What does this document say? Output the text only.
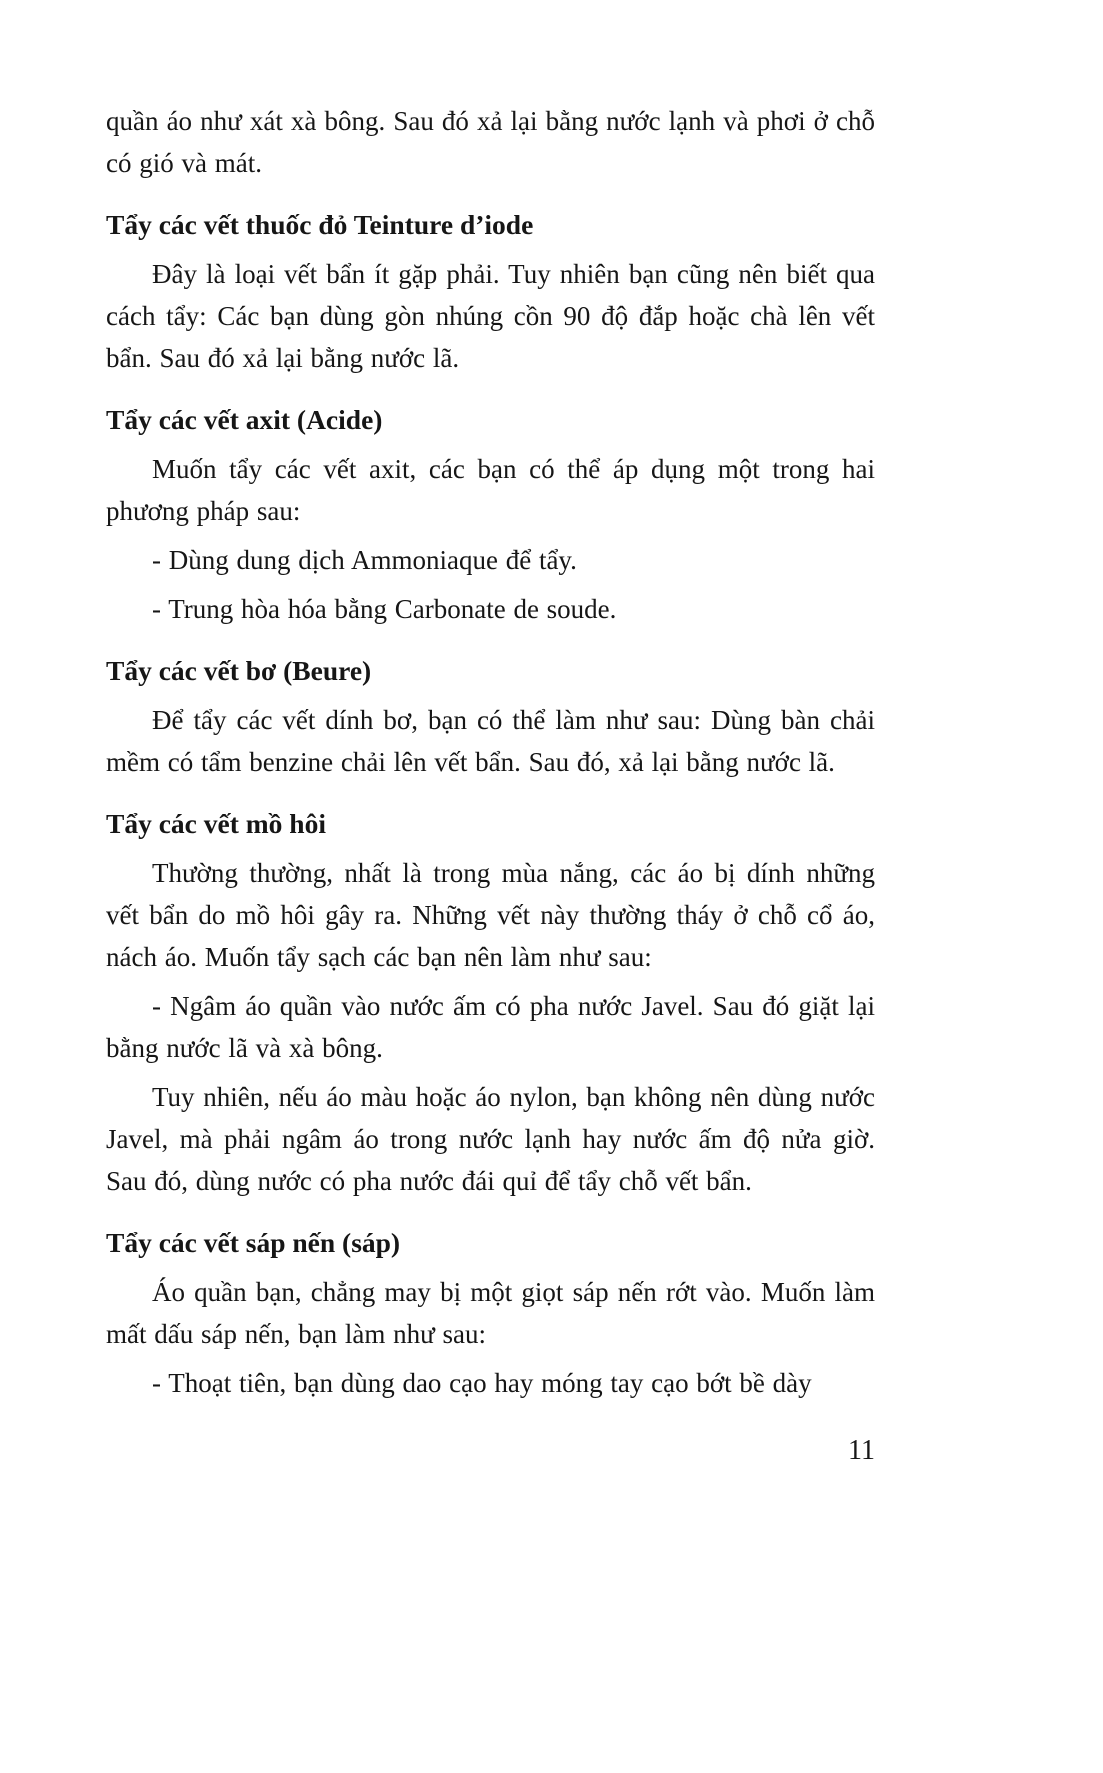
quần áo như xát xà bông. Sau đó xả lại bằng nước lạnh và phơi ở chỗ có gió và mát.

Tẩy các vết thuốc đỏ Teinture d’iode

Đây là loại vết bẩn ít gặp phải. Tuy nhiên bạn cũng nên biết qua cách tẩy: Các bạn dùng gòn nhúng cồn 90 độ đắp hoặc chà lên vết bẩn. Sau đó xả lại bằng nước lã.

Tẩy các vết axit (Acide)

Muốn tẩy các vết axit, các bạn có thể áp dụng một trong hai phương pháp sau:

- Dùng dung dịch Ammoniaque để tẩy.

- Trung hòa hóa bằng Carbonate de soude.

Tẩy các vết bơ (Beure)

Để tẩy các vết dính bơ, bạn có thể làm như sau: Dùng bàn chải mềm có tẩm benzine chải lên vết bẩn. Sau đó, xả lại bằng nước lã.

Tẩy các vết mồ hôi

Thường thường, nhất là trong mùa nắng, các áo bị dính những vết bẩn do mồ hôi gây ra. Những vết này thường tháy ở chỗ cổ áo, nách áo. Muốn tẩy sạch các bạn nên làm như sau:

- Ngâm áo quần vào nước ấm có pha nước Javel. Sau đó giặt lại bằng nước lã và xà bông.

Tuy nhiên, nếu áo màu hoặc áo nylon, bạn không nên dùng nước Javel, mà phải ngâm áo trong nước lạnh hay nước ấm độ nửa giờ. Sau đó, dùng nước có pha nước đái quỉ để tẩy chỗ vết bẩn.

Tẩy các vết sáp nến (sáp)

Áo quần bạn, chẳng may bị một giọt sáp nến rớt vào. Muốn làm mất dấu sáp nến, bạn làm như sau:

- Thoạt tiên, bạn dùng dao cạo hay móng tay cạo bớt bề dày

11
